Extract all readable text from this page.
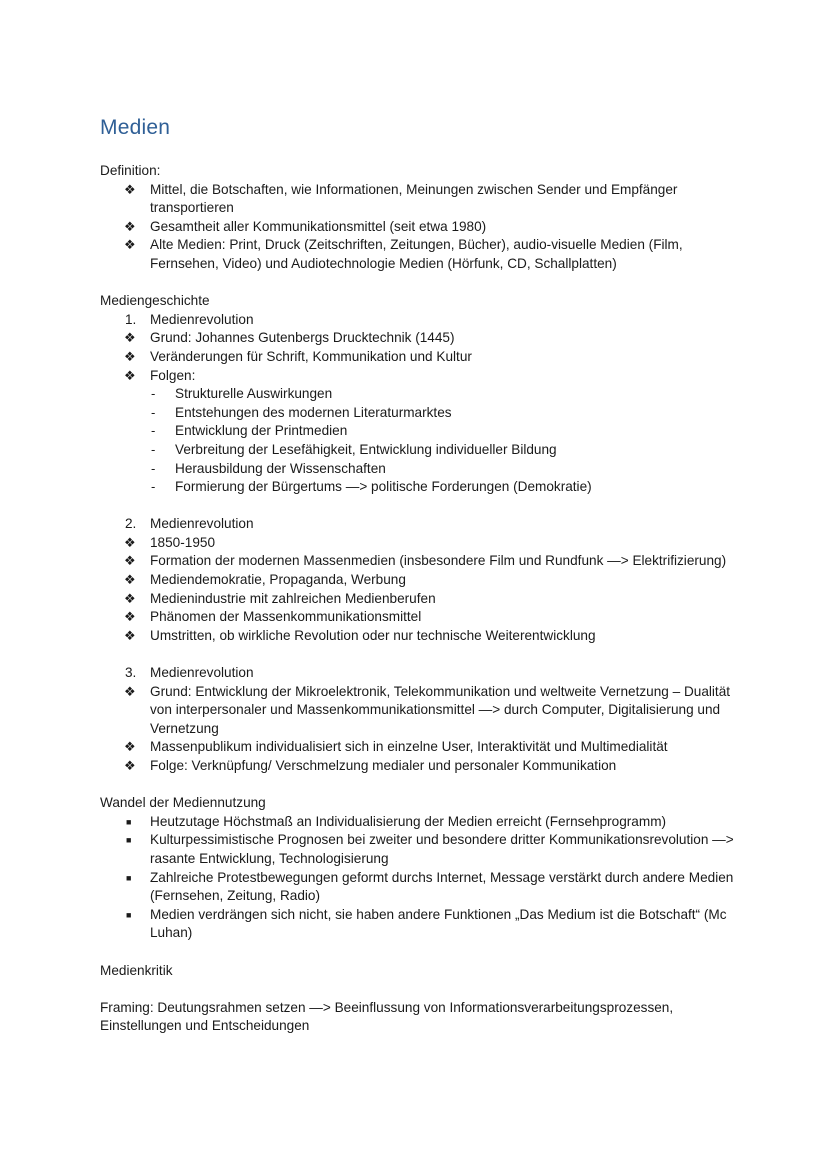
Medien

Definition:

❖	Mittel, die Botschaften, wie Informationen, Meinungen zwischen Sender und Empfänger transportieren
❖	Gesamtheit aller Kommunikationsmittel (seit etwa 1980)
❖	Alte Medien: Print, Druck (Zeitschriften, Zeitungen, Bücher), audio-visuelle Medien (Film, Fernsehen, Video) und Audiotechnologie Medien (Hörfunk, CD, Schallplatten)

Mediengeschichte

1.	Medienrevolution
❖	Grund: Johannes Gutenbergs Drucktechnik (1445)
❖	Veränderungen für Schrift, Kommunikation und Kultur
❖	Folgen:
-	Strukturelle Auswirkungen
-	Entstehungen des modernen Literaturmarktes
-	Entwicklung der Printmedien
-	Verbreitung der Lesefähigkeit, Entwicklung individueller Bildung
-	Herausbildung der Wissenschaften
-	Formierung der Bürgertums —> politische Forderungen (Demokratie)
2.	Medienrevolution
❖	1850-1950
❖	Formation der modernen Massenmedien (insbesondere Film und Rundfunk —> Elektrifizierung)
❖	Mediendemokratie, Propaganda, Werbung
❖	Medienindustrie mit zahlreichen Medienberufen
❖	Phänomen der Massenkommunikationsmittel
❖	Umstritten, ob wirkliche Revolution oder nur technische Weiterentwicklung
3.	Medienrevolution
❖	Grund: Entwicklung der Mikroelektronik, Telekommunikation und weltweite Vernetzung – Dualität von interpersonaler und Massenkommunikationsmittel —> durch Computer, Digitalisierung und Vernetzung
❖	Massenpublikum individualisiert sich in einzelne User, Interaktivität und Multimedialität
❖	Folge: Verknüpfung/ Verschmelzung medialer und personaler Kommunikation

Wandel der Mediennutzung

■	Heutzutage Höchstmaß an Individualisierung der Medien erreicht (Fernsehprogramm)
■	Kulturpessimistische Prognosen bei zweiter und besondere dritter Kommunikationsrevolution —> rasante Entwicklung, Technologisierung
■	Zahlreiche Protestbewegungen geformt durchs Internet, Message verstärkt durch andere Medien (Fernsehen, Zeitung, Radio)
■	Medien verdrängen sich nicht, sie haben andere Funktionen „Das Medium ist die Botschaft“ (Mc Luhan)

Medienkritik

Framing: Deutungsrahmen setzen —> Beeinflussung von Informationsverarbeitungsprozessen, Einstellungen und Entscheidungen
